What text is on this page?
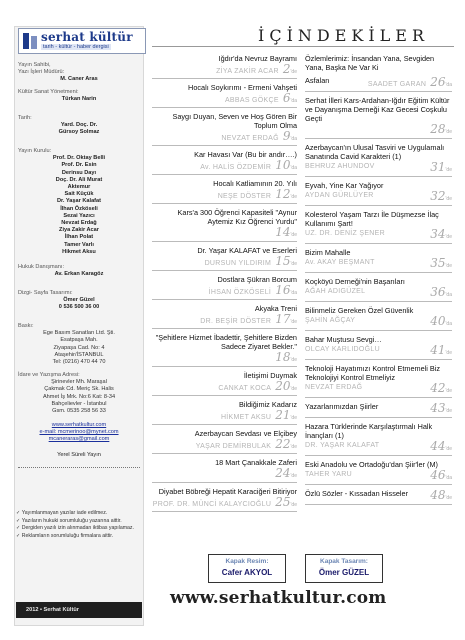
serhat kültür
tarih - kültür - haber dergisi
Yayın Sahibi,
Yazı İşleri Müdürü:
M. Caner Aras
Kültür Sanat Yönetmeni:
Türkan Narin
Tarih:
Yard. Doç. Dr.
Gürsoy Solmaz
Yayın Kurulu:
Prof. Dr. Oktay Belli
Prof. Dr. Esin
Derinsu Dayı
Doç. Dr. Ali Murat
Aktemur
Sait Küçük
Dr. Yaşar Kalafat
İlhan Özköseli
Sezai Yazıcı
Nevzat Erdağ
Ziya Zakir Acar
İlhan Polat
Tamer Varlı
Hikmet Aksu
Hukuk Danışmanı:
Av. Erkan Karagöz
Dizgi- Sayfa Tasarımı:
Ömer Güzel
0 536 500 36 00
Baskı:
Ege Basım Sanatları Ltd. Şti.
Esatpaşa Mah.
Ziyapaşa Cad. No: 4
Ataşehir/İSTANBUL
Tel: (0216) 470 44 70
İdare ve Yazışma Adresi:
Şirinevler Mh. Maraşal
Çakmak Cd. Meriç Sk. Halis
Ahmet İş Mrk. No:6 Kat: 8-34
Bahçelievler - İstanbul
Gsm. 0535 258 56 33
www.serhatkultur.com
e-mail: mcmerinoo@mynet.com
mcaneraras@gmail.com
Yerel Süreli Yayın
✓ Yayımlanmayan yazılar iade edilmez.
✓ Yazıların hukuki sorumluluğu yazarına aittir.
✓ Dergiden yazılı izin alınmadan iktibas yapılamaz.
✓ Reklamların sorumluluğu firmalara aittir.
2012 • Serhat Kültür
İÇİNDEKİLER
Iğdır'da Nevruz Bayramı
ZİYA ZAKİR ACAR 2'de
Hocalı Soykırımı - Ermeni Vahşeti
ABBAS GÖKÇE 6'da
Saygı Duyan, Seven ve Hoş Gören Bir Toplum Olma
NEVZAT ERDAĞ 9'da
Kar Havası Var (Bu bir andır….)
Av. HALİS ÖZDEMİR 10'da
Hocalı Katliamının 20. Yılı
NEŞE DÖSTER 12'de
Kars'a 300 Öğrenci Kapasiteli "Aynur Aytemiz Kız Öğrenci Yurdu"
14'de
Dr. Yaşar KALAFAT ve Eserleri
DURSUN YILDIRIM 15'de
Dostlara Şükran Borcum
İHSAN ÖZKÖSELİ 16'da
Akyaka Treni
DR. BEŞİR DÖSTER 17'de
"Şehitlere Hizmet İbadettir, Şehitlere Bizden Sadece Ziyaret Bekler."
18'de
İletişimi Duymak
CANKAT KOCA 20'de
Bildiğimiz Kadarız
HİKMET AKSU 21'de
Azerbaycan Sevdası ve Elçibey
YAŞAR DEMİRBULAK 22'de
18 Mart Çanakkale Zaferi
24'de
Diyabet Böbreği Hepatit Karaciğeri Bitiriyor
PROF. DR. MÜNCİ KALAYCIOĞLU 25'de
Özlemlerimiz: İnsandan Yana, Sevgiden Yana, Başka Ne Var Ki
Asfalan	SAADET GARAN 26'da
Serhat İlleri Kars-Ardahan-Iğdır Eğitim Kültür ve Dayanışma Derneği Kaz Gecesi Coşkulu Geçti
28'de
Azerbaycan'ın Ulusal Tasviri ve Uygulamalı Sanatında Cavid Karakteri (1)
BEHRUZ AHUNDOV	31'de
Eyvah, Yine Kar Yağıyor
AYDAN GÜRLÜYER	32'de
Kolesterol Yaşam Tarzı İle Düşmezse İlaç Kullanımı Şart!
UZ. DR. DENİZ ŞENER	34'de
Bizim Mahalle
Av. AKAY BEŞMANT	35'de
Koçköyü Derneği'nin Başarıları
AĞAH ADIGÜZEL	36'da
Bilinmeliz Gereken Özel Güvenlik
ŞAHİN AĞÇAY	40'da
Bahar Muştusu Sevgi…
OLCAY KARLIDOĞLU	41'de
Teknoloji Hayatımızı Kontrol Etmemeli Biz Teknolojiyi Kontrol Etmeliyiz
NEVZAT ERDAĞ	42'de
Yazarlarımızdan Şiirler	43'de
Hazara Türklerinde Karşılaştırmalı Halk İnançları (1)
DR. YAŞAR KALAFAT	44'de
Eski Anadolu ve Ortadoğu'dan Şiir'ler (M)
TAHER YARU	46'da
Özlü Sözler - Kıssadan Hisseler	48'de
Kapak Resim:
Cafer AKYOL
Kapak Tasarım:
Ömer GÜZEL
www.serhatkultur.com
